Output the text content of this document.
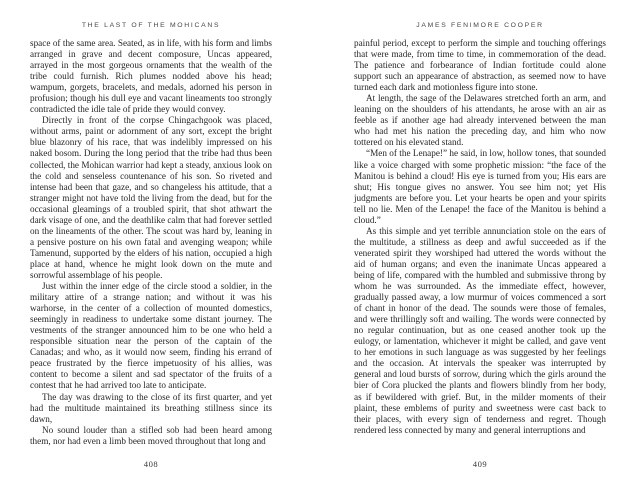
THE LAST OF THE MOHICANS

space of the same area. Seated, as in life, with his form and limbs arranged in grave and decent composure, Uncas appeared, arrayed in the most gorgeous ornaments that the wealth of the tribe could furnish. Rich plumes nodded above his head; wampum, gorgets, bracelets, and medals, adorned his person in profusion; though his dull eye and vacant lineaments too strongly contradicted the idle tale of pride they would convey.

Directly in front of the corpse Chingachgook was placed, without arms, paint or adornment of any sort, except the bright blue blazonry of his race, that was indelibly impressed on his naked bosom. During the long period that the tribe had thus been collected, the Mohican warrior had kept a steady, anxious look on the cold and senseless countenance of his son. So riveted and intense had been that gaze, and so changeless his attitude, that a stranger might not have told the living from the dead, but for the occasional gleamings of a troubled spirit, that shot athwart the dark visage of one, and the deathlike calm that had forever settled on the lineaments of the other. The scout was hard by, leaning in a pensive posture on his own fatal and avenging weapon; while Tamenund, supported by the elders of his nation, occupied a high place at hand, whence he might look down on the mute and sorrowful assemblage of his people.

Just within the inner edge of the circle stood a soldier, in the military attire of a strange nation; and without it was his warhorse, in the center of a collection of mounted domestics, seemingly in readiness to undertake some distant journey. The vestments of the stranger announced him to be one who held a responsible situation near the person of the captain of the Canadas; and who, as it would now seem, finding his errand of peace frustrated by the fierce impetuosity of his allies, was content to become a silent and sad spectator of the fruits of a contest that he had arrived too late to anticipate.

The day was drawing to the close of its first quarter, and yet had the multitude maintained its breathing stillness since its dawn,

No sound louder than a stifled sob had been heard among them, nor had even a limb been moved throughout that long and

408
JAMES FENIMORE COOPER

painful period, except to perform the simple and touching offerings that were made, from time to time, in commemoration of the dead. The patience and forbearance of Indian fortitude could alone support such an appearance of abstraction, as seemed now to have turned each dark and motionless figure into stone.

At length, the sage of the Delawares stretched forth an arm, and leaning on the shoulders of his attendants, he arose with an air as feeble as if another age had already intervened between the man who had met his nation the preceding day, and him who now tottered on his elevated stand.

“Men of the Lenape!” he said, in low, hollow tones, that sounded like a voice charged with some prophetic mission: “the face of the Manitou is behind a cloud! His eye is turned from you; His ears are shut; His tongue gives no answer. You see him not; yet His judgments are before you. Let your hearts be open and your spirits tell no lie. Men of the Lenape! the face of the Manitou is behind a cloud.”

As this simple and yet terrible annunciation stole on the ears of the multitude, a stillness as deep and awful succeeded as if the venerated spirit they worshiped had uttered the words without the aid of human organs; and even the inanimate Uncas appeared a being of life, compared with the humbled and submissive throng by whom he was surrounded. As the immediate effect, however, gradually passed away, a low murmur of voices commenced a sort of chant in honor of the dead. The sounds were those of females, and were thrillingly soft and wailing. The words were connected by no regular continuation, but as one ceased another took up the eulogy, or lamentation, whichever it might be called, and gave vent to her emotions in such language as was suggested by her feelings and the occasion. At intervals the speaker was interrupted by general and loud bursts of sorrow, during which the girls around the bier of Cora plucked the plants and flowers blindly from her body, as if bewildered with grief. But, in the milder moments of their plaint, these emblems of purity and sweetness were cast back to their places, with every sign of tenderness and regret. Though rendered less connected by many and general interruptions and

409
